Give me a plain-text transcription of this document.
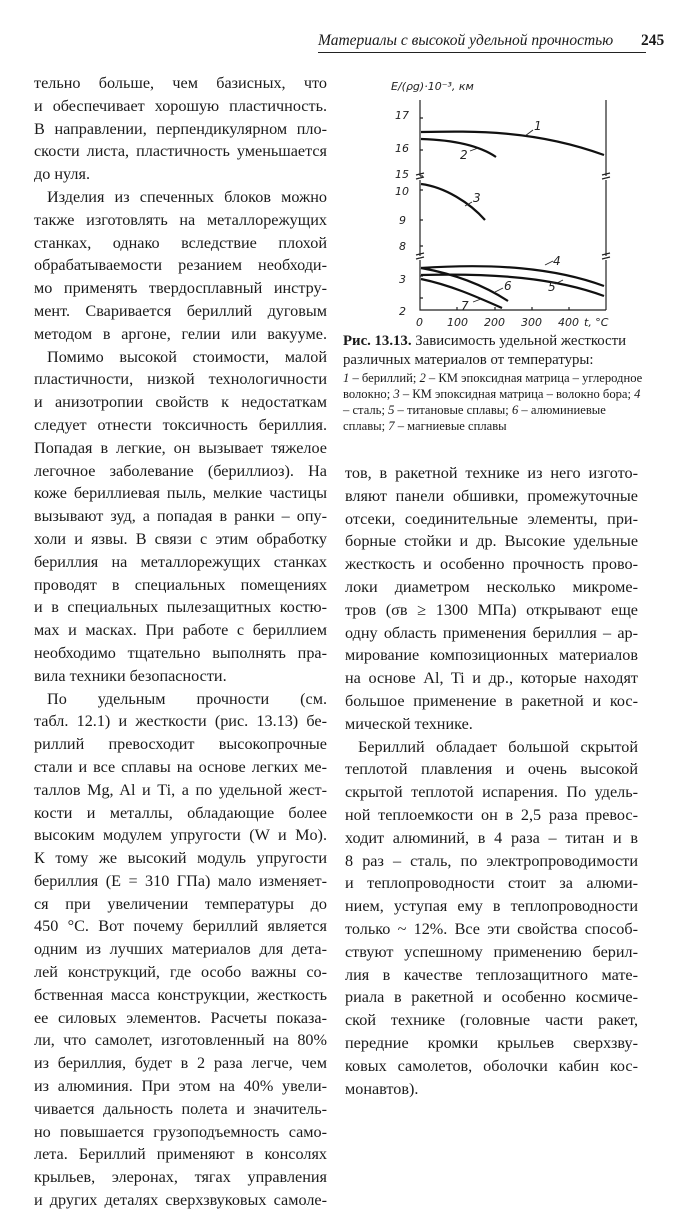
Материалы с высокой удельной прочностью	245

тельно больше, чем базисных, что
и обеспечивает хорошую пластичность.
В направлении, перпендикулярном пло-
скости листа, пластичность уменьшается
до нуля.

Изделия из спеченных блоков можно
также изготовлять на металлорежущих
станках, однако вследствие плохой
обрабатываемости резанием необходи-
мо применять твердосплавный инстру-
мент. Сваривается бериллий дуговым
методом в аргоне, гелии или вакууме.

Помимо высокой стоимости, малой
пластичности, низкой технологичности
и анизотропии свойств к недостаткам
следует отнести токсичность бериллия.
Попадая в легкие, он вызывает тяжелое
легочное заболевание (бериллиоз). На
коже бериллиевая пыль, мелкие частицы
вызывают зуд, а попадая в ранки – опу-
холи и язвы. В связи с этим обработку
бериллия на металлорежущих станках
проводят в специальных помещениях
и в специальных пылезащитных костю-
мах и масках. При работе с бериллием
необходимо тщательно выполнять пра-
вила техники безопасности.

По удельным прочности (см.
табл. 12.1) и жесткости (рис. 13.13) бе-
риллий превосходит высокопрочные
стали и все сплавы на основе легких ме-
таллов Mg, Al и Ti, а по удельной жест-
кости и металлы, обладающие более
высоким модулем упругости (W и Mo).
К тому же высокий модуль упругости
бериллия (E = 310 ГПа) мало изменяет-
ся при увеличении температуры до
450 °С. Вот почему бериллий является
одним из лучших материалов для дета-
лей конструкций, где особо важны со-
бственная масса конструкции, жесткость
ее силовых элементов. Расчеты показа-
ли, что самолет, изготовленный на 80%
из бериллия, будет в 2 раза легче, чем
из алюминия. При этом на 40% увели-
чивается дальность полета и значитель-
но повышается грузоподъемность само-
лета. Бериллий применяют в консолях
крыльев, элеронах, тягах управления
и других деталях сверхзвуковых самоле-

E/(ρg)·10⁻³, км
17
16
15
10
9
8
3
2
1
2
3
4
5
6
7
0 100 200 300 400 t, °C
Рис. 13.13. Зависимость удельной жесткости различных материалов от температуры:
1 – бериллий; 2 – КМ эпоксидная матрица – углеродное волокно; 3 – КМ эпоксидная матрица – волокно бора; 4 – сталь; 5 – титановые сплавы; 6 – алюминиевые сплавы; 7 – магниевые сплавы

тов, в ракетной технике из него изгото-
вляют панели обшивки, промежуточные
отсеки, соединительные элементы, при-
борные стойки и др. Высокие удельные
жесткость и особенно прочность прово-
локи диаметром несколько микроме-
тров (σв ≥ 1300 МПа) открывают еще
одну область применения бериллия – ар-
мирование композиционных материалов
на основе Al, Ti и др., которые находят
большое применение в ракетной и кос-
мической технике.

Бериллий обладает большой скрытой
теплотой плавления и очень высокой
скрытой теплотой испарения. По удель-
ной теплоемкости он в 2,5 раза превос-
ходит алюминий, в 4 раза – титан и в
8 раз – сталь, по электропроводимости
и теплопроводности стоит за алюми-
нием, уступая ему в теплопроводности
только ~ 12%. Все эти свойства способ-
ствуют успешному применению берил-
лия в качестве теплозащитного мате-
риала в ракетной и особенно космиче-
ской технике (головные части ракет,
передние кромки крыльев сверхзву-
ковых самолетов, оболочки кабин кос-
монавтов).
